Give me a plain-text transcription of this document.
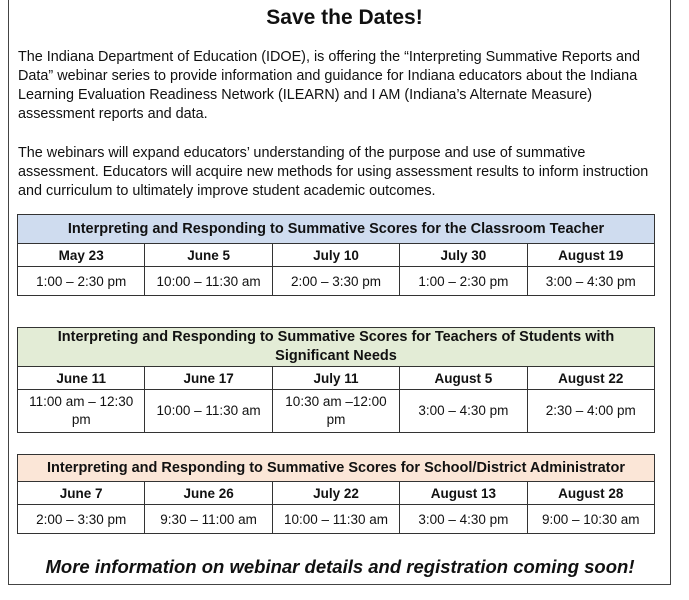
Save the Dates!
The Indiana Department of Education (IDOE), is offering the “Interpreting Summative Reports and Data” webinar series to provide information and guidance for Indiana educators about the Indiana Learning Evaluation Readiness Network (ILEARN) and I AM (Indiana’s Alternate Measure) assessment reports and data.
The webinars will expand educators’ understanding of the purpose and use of summative assessment. Educators will acquire new methods for using assessment results to inform instruction and curriculum to ultimately improve student academic outcomes.
Interpreting and Responding to Summative Scores for the Classroom Teacher				
May 23	June 5	July 10	July 30	August 19
1:00 – 2:30 pm	10:00 – 11:30 am	2:00 – 3:30 pm	1:00 – 2:30 pm	3:00 – 4:30 pm
Interpreting and Responding to Summative Scores for Teachers of Students with Significant Needs				
June 11	June 17	July 11	August 5	August 22
11:00 am – 12:30 pm	10:00 – 11:30 am	10:30 am –12:00 pm	3:00 – 4:30 pm	2:30 – 4:00 pm
Interpreting and Responding to Summative Scores for School/District Administrator				
June 7	June 26	July 22	August 13	August 28
2:00 – 3:30 pm	9:30 – 11:00 am	10:00 – 11:30 am	3:00 – 4:30 pm	9:00 – 10:30 am
More information on webinar details and registration coming soon!
